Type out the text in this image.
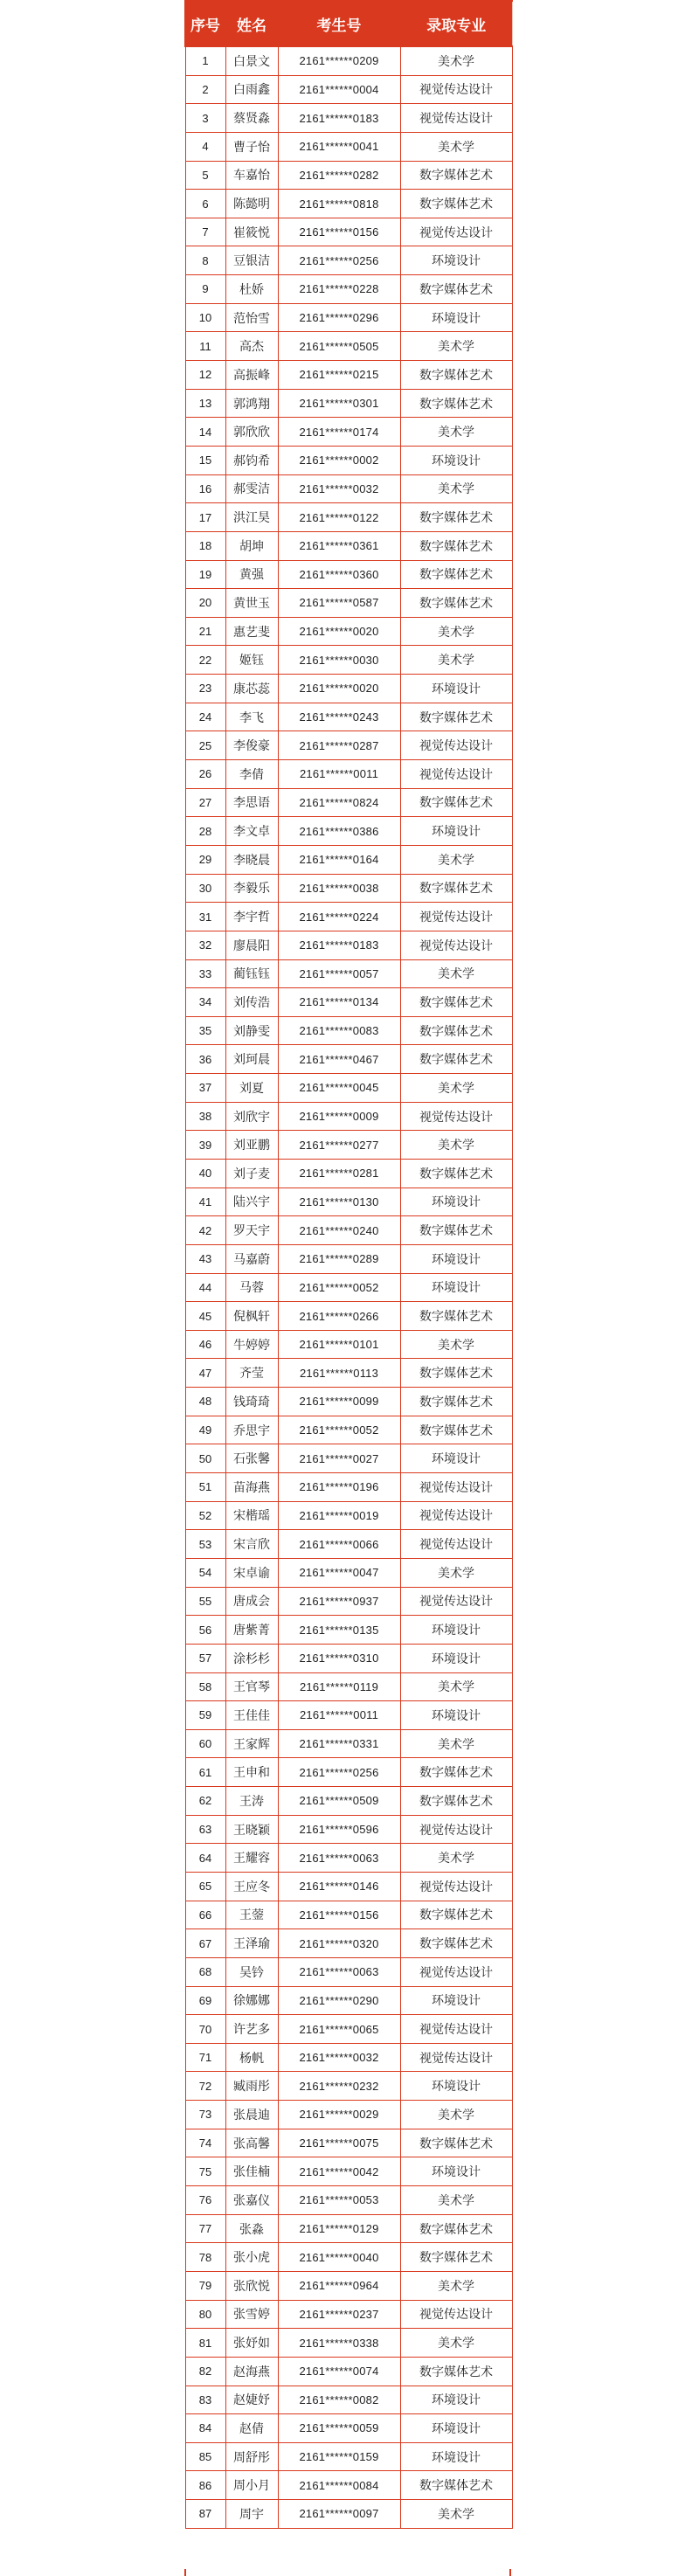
序号	姓名	考生号	录取专业
1	白景文	2161******0209	美术学
2	白雨鑫	2161******0004	视觉传达设计
3	蔡贤淼	2161******0183	视觉传达设计
4	曹子怡	2161******0041	美术学
5	车嘉怡	2161******0282	数字媒体艺术
6	陈懿明	2161******0818	数字媒体艺术
7	崔筱悦	2161******0156	视觉传达设计
8	豆银洁	2161******0256	环境设计
9	杜娇	2161******0228	数字媒体艺术
10	范怡雪	2161******0296	环境设计
11	高杰	2161******0505	美术学
12	高振峰	2161******0215	数字媒体艺术
13	郭鸿翔	2161******0301	数字媒体艺术
14	郭欣欣	2161******0174	美术学
15	郝钧希	2161******0002	环境设计
16	郝雯洁	2161******0032	美术学
17	洪江昊	2161******0122	数字媒体艺术
18	胡坤	2161******0361	数字媒体艺术
19	黄强	2161******0360	数字媒体艺术
20	黄世玉	2161******0587	数字媒体艺术
21	惠艺斐	2161******0020	美术学
22	姬钰	2161******0030	美术学
23	康芯蕊	2161******0020	环境设计
24	李飞	2161******0243	数字媒体艺术
25	李俊豪	2161******0287	视觉传达设计
26	李倩	2161******0011	视觉传达设计
27	李思语	2161******0824	数字媒体艺术
28	李文卓	2161******0386	环境设计
29	李晓晨	2161******0164	美术学
30	李毅乐	2161******0038	数字媒体艺术
31	李宇哲	2161******0224	视觉传达设计
32	廖晨阳	2161******0183	视觉传达设计
33	蔺钰钰	2161******0057	美术学
34	刘传浩	2161******0134	数字媒体艺术
35	刘静雯	2161******0083	数字媒体艺术
36	刘珂晨	2161******0467	数字媒体艺术
37	刘夏	2161******0045	美术学
38	刘欣宇	2161******0009	视觉传达设计
39	刘亚鹏	2161******0277	美术学
40	刘子麦	2161******0281	数字媒体艺术
41	陆兴宇	2161******0130	环境设计
42	罗天宇	2161******0240	数字媒体艺术
43	马嘉蔚	2161******0289	环境设计
44	马蓉	2161******0052	环境设计
45	倪枫轩	2161******0266	数字媒体艺术
46	牛婷婷	2161******0101	美术学
47	齐莹	2161******0113	数字媒体艺术
48	钱琦琦	2161******0099	数字媒体艺术
49	乔思宇	2161******0052	数字媒体艺术
50	石张馨	2161******0027	环境设计
51	苗海燕	2161******0196	视觉传达设计
52	宋楷瑶	2161******0019	视觉传达设计
53	宋言欣	2161******0066	视觉传达设计
54	宋卓谕	2161******0047	美术学
55	唐成会	2161******0937	视觉传达设计
56	唐紫菁	2161******0135	环境设计
57	涂杉杉	2161******0310	环境设计
58	王官琴	2161******0119	美术学
59	王佳佳	2161******0011	环境设计
60	王家辉	2161******0331	美术学
61	王申和	2161******0256	数字媒体艺术
62	王涛	2161******0509	数字媒体艺术
63	王晓颖	2161******0596	视觉传达设计
64	王耀容	2161******0063	美术学
65	王应冬	2161******0146	视觉传达设计
66	王蓥	2161******0156	数字媒体艺术
67	王泽瑜	2161******0320	数字媒体艺术
68	吴钤	2161******0063	视觉传达设计
69	徐娜娜	2161******0290	环境设计
70	许艺多	2161******0065	视觉传达设计
71	杨帆	2161******0032	视觉传达设计
72	臧雨彤	2161******0232	环境设计
73	张晨迪	2161******0029	美术学
74	张高馨	2161******0075	数字媒体艺术
75	张佳楠	2161******0042	环境设计
76	张嘉仪	2161******0053	美术学
77	张淼	2161******0129	数字媒体艺术
78	张小虎	2161******0040	数字媒体艺术
79	张欣悦	2161******0964	美术学
80	张雪婷	2161******0237	视觉传达设计
81	张妤如	2161******0338	美术学
82	赵海燕	2161******0074	数字媒体艺术
83	赵婕妤	2161******0082	环境设计
84	赵倩	2161******0059	环境设计
85	周舒彤	2161******0159	环境设计
86	周小月	2161******0084	数字媒体艺术
87	周宇	2161******0097	美术学
